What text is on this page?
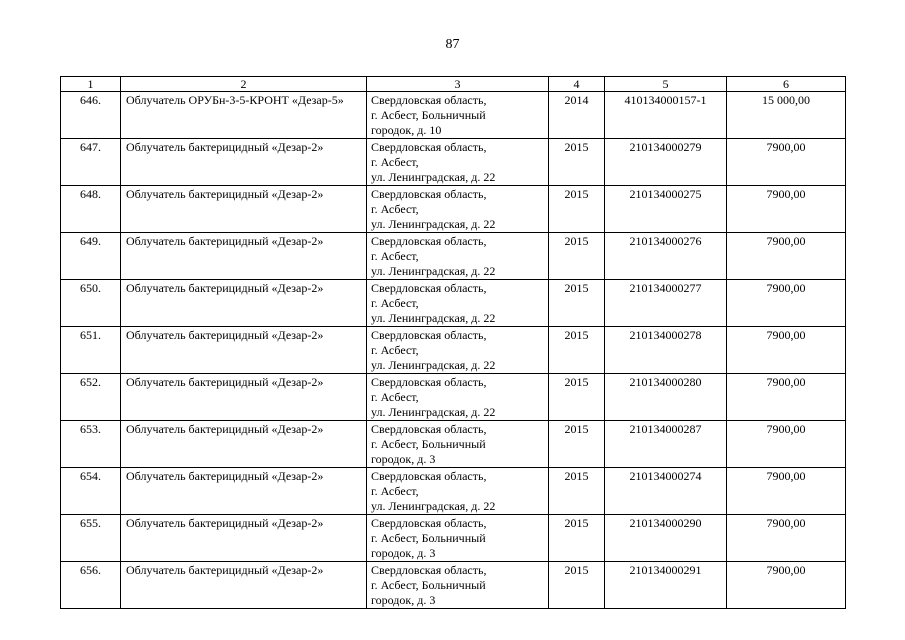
87
1	2	3	4	5	6
646.	Облучатель ОРУБн-3-5-КРОНТ «Дезар-5»	Свердловская область,
г. Асбест, Больничный
городок, д. 10	2014	410134000157-1	15 000,00
647.	Облучатель бактерицидный «Дезар-2»	Свердловская область,
г. Асбест,
ул. Ленинградская, д. 22	2015	210134000279	7900,00
648.	Облучатель бактерицидный «Дезар-2»	Свердловская область,
г. Асбест,
ул. Ленинградская, д. 22	2015	210134000275	7900,00
649.	Облучатель бактерицидный «Дезар-2»	Свердловская область,
г. Асбест,
ул. Ленинградская, д. 22	2015	210134000276	7900,00
650.	Облучатель бактерицидный «Дезар-2»	Свердловская область,
г. Асбест,
ул. Ленинградская, д. 22	2015	210134000277	7900,00
651.	Облучатель бактерицидный «Дезар-2»	Свердловская область,
г. Асбест,
ул. Ленинградская, д. 22	2015	210134000278	7900,00
652.	Облучатель бактерицидный «Дезар-2»	Свердловская область,
г. Асбест,
ул. Ленинградская, д. 22	2015	210134000280	7900,00
653.	Облучатель бактерицидный «Дезар-2»	Свердловская область,
г. Асбест, Больничный
городок, д. 3	2015	210134000287	7900,00
654.	Облучатель бактерицидный «Дезар-2»	Свердловская область,
г. Асбест,
ул. Ленинградская, д. 22	2015	210134000274	7900,00
655.	Облучатель бактерицидный «Дезар-2»	Свердловская область,
г. Асбест, Больничный
городок, д. 3	2015	210134000290	7900,00
656.	Облучатель бактерицидный «Дезар-2»	Свердловская область,
г. Асбест, Больничный
городок, д. 3	2015	210134000291	7900,00
